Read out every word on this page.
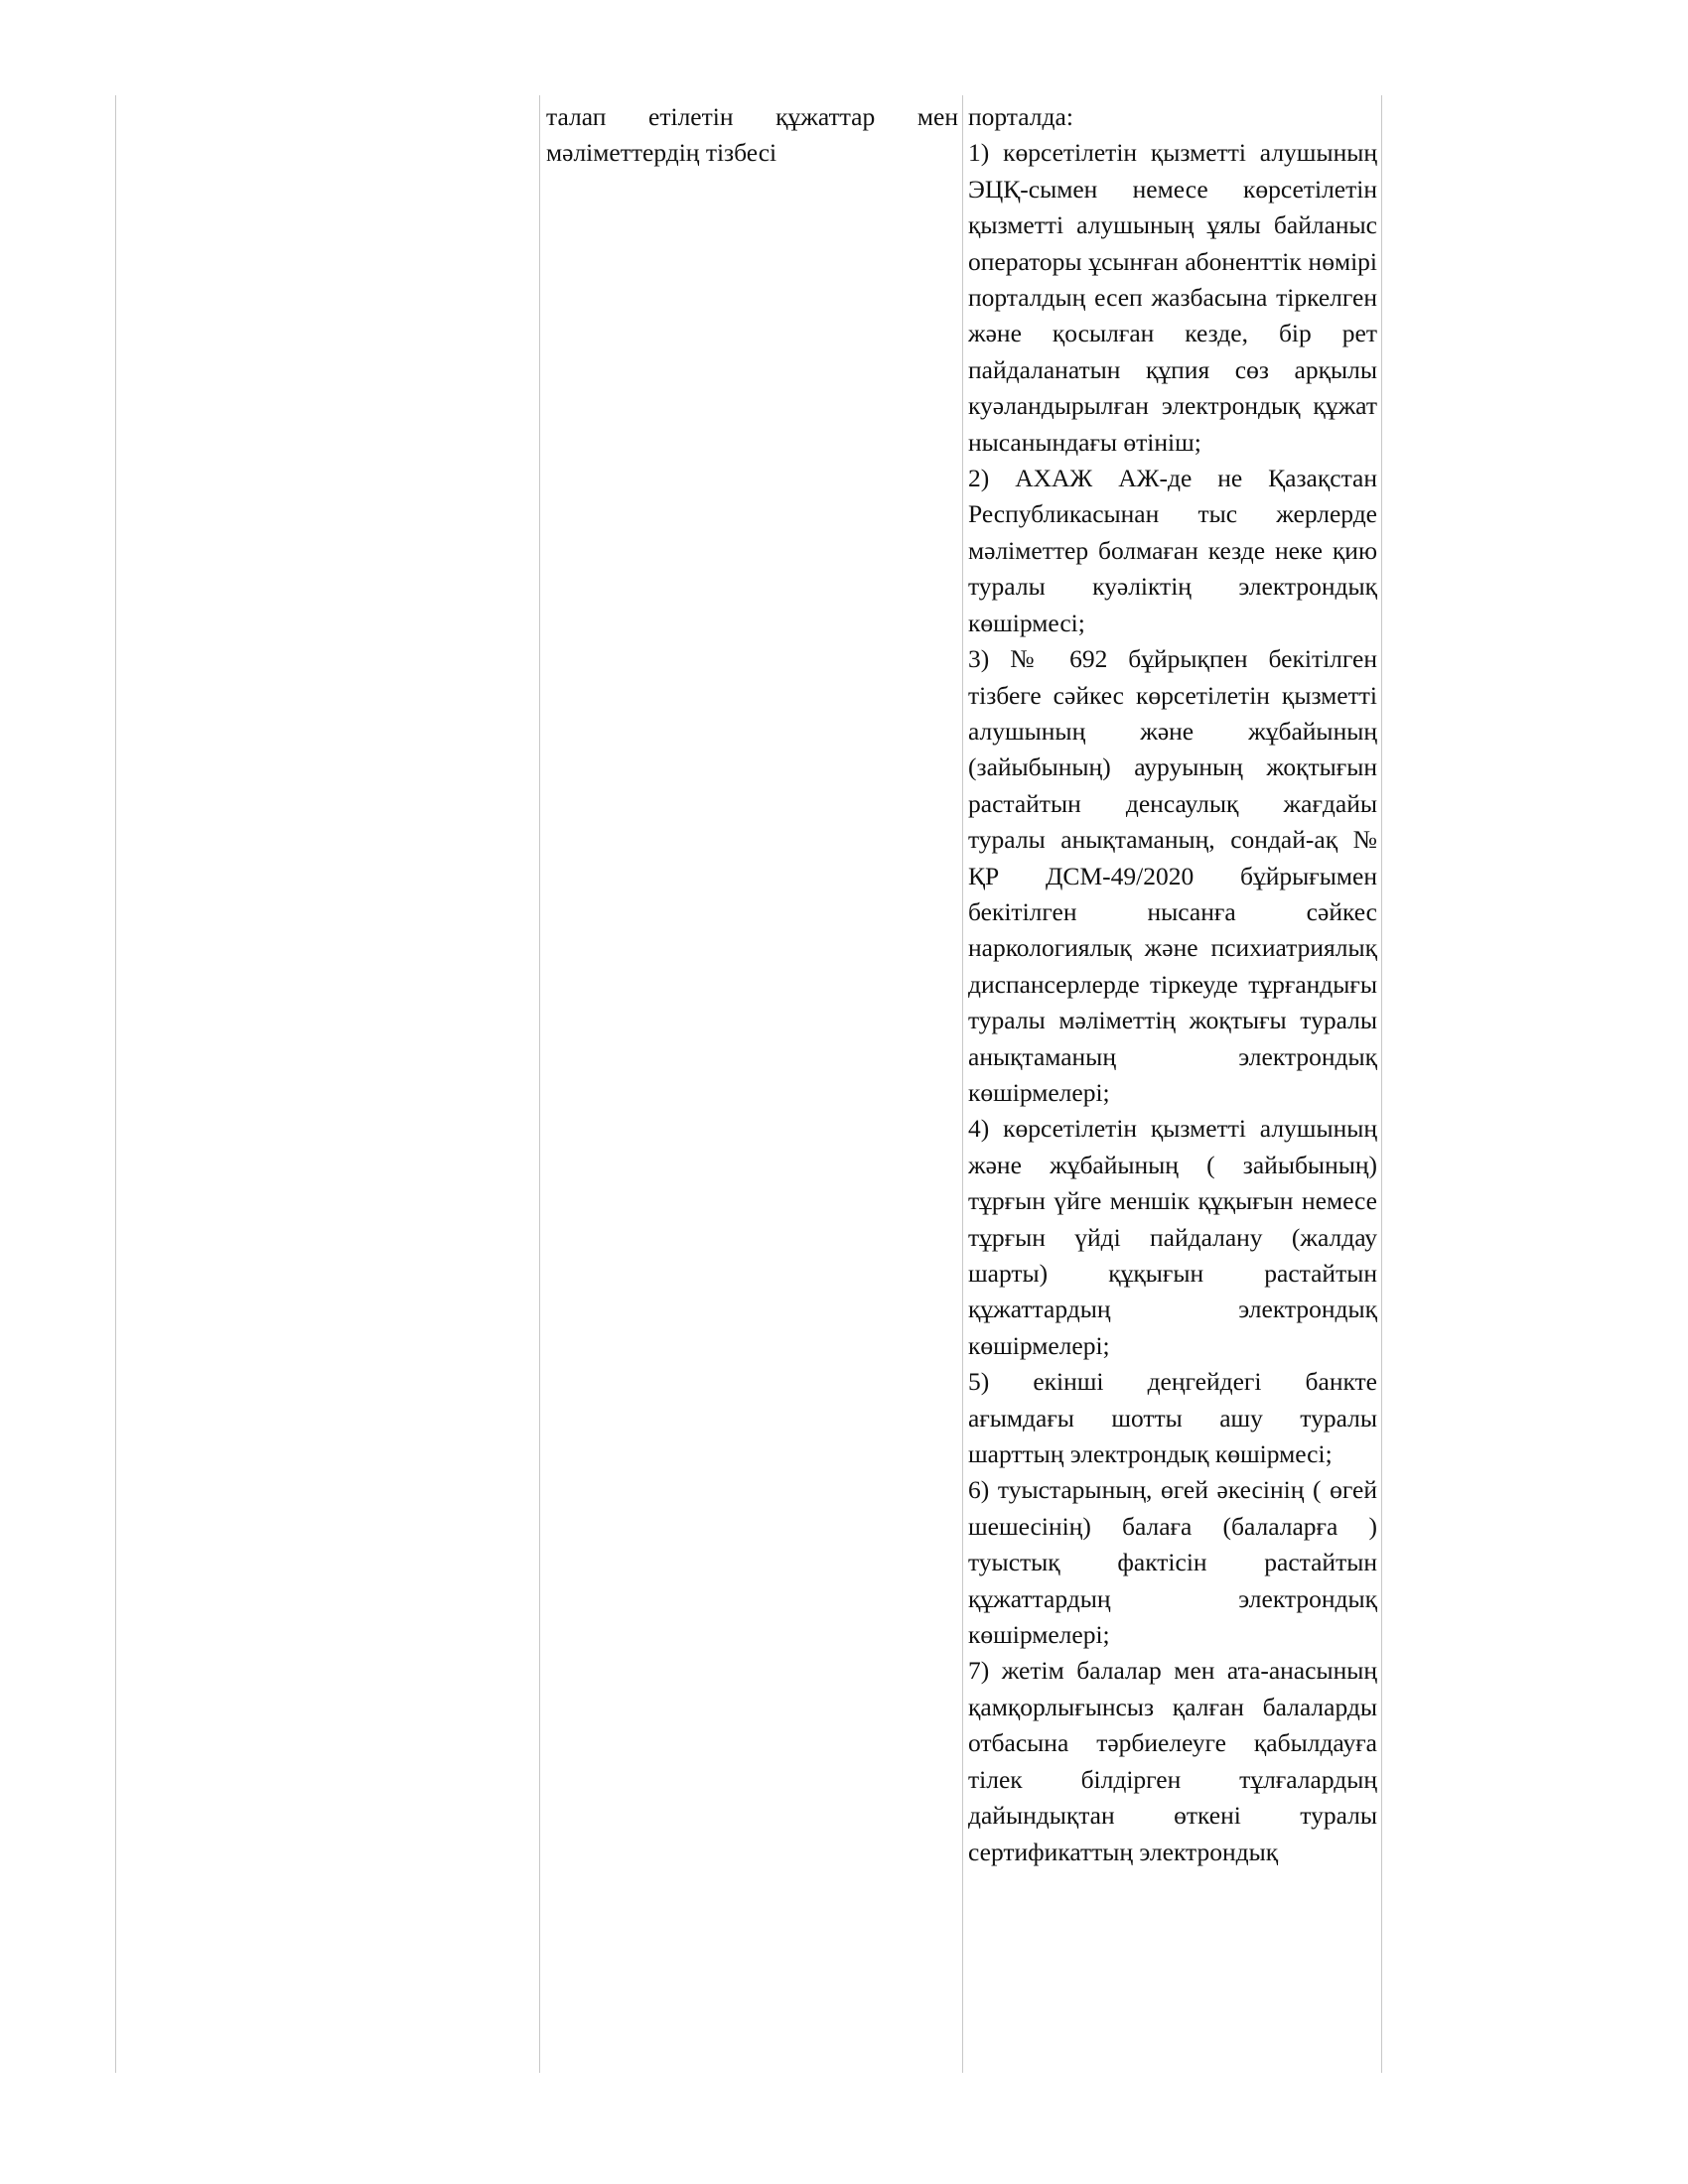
талап етілетін құжаттар мен мәліметтердің тізбесі

порталда:

1) көрсетілетін қызметті алушының ЭЦҚ-сымен немесе көрсетілетін қызметті алушының ұялы байланыс операторы ұсынған абоненттік нөмірі порталдың есеп жазбасына тіркелген және қосылған кезде, бір рет пайдаланатын құпия сөз арқылы куәландырылған электрондық құжат нысанындағы өтініш;

2) АХАЖ АЖ-де не Қазақстан Республикасынан тыс жерлерде мәліметтер болмаған кезде неке қию туралы куәліктің электрондық көшірмесі;

3) № 692 бұйрықпен бекітілген тізбеге сәйкес көрсетілетін қызметті алушының және жұбайының (зайыбының) ауруының жоқтығын растайтын денсаулық жағдайы туралы анықтаманың, сондай-ақ № ҚР ДСМ-49/2020 бұйрығымен бекітілген нысанға сәйкес наркологиялық және психиатриялық диспансерлерде тіркеуде тұрғандығы туралы мәліметтің жоқтығы туралы анықтаманың электрондық көшірмелері;

4) көрсетілетін қызметті алушының және жұбайының ( зайыбының) тұрғын үйге меншік құқығын немесе тұрғын үйді пайдалану (жалдау шарты) құқығын растайтын құжаттардың электрондық көшірмелері;

5) екінші деңгейдегі банкте ағымдағы шотты ашу туралы шарттың электрондық көшірмесі;

6) туыстарының, өгей әкесінің ( өгей шешесінің) балаға (балаларға ) туыстық фактісін растайтын құжаттардың электрондық көшірмелері;

7) жетім балалар мен ата-анасының қамқорлығынсыз қалған балаларды отбасына тәрбиелеуге қабылдауға тілек білдірген тұлғалардың дайындықтан өткені туралы сертификаттың электрондық
